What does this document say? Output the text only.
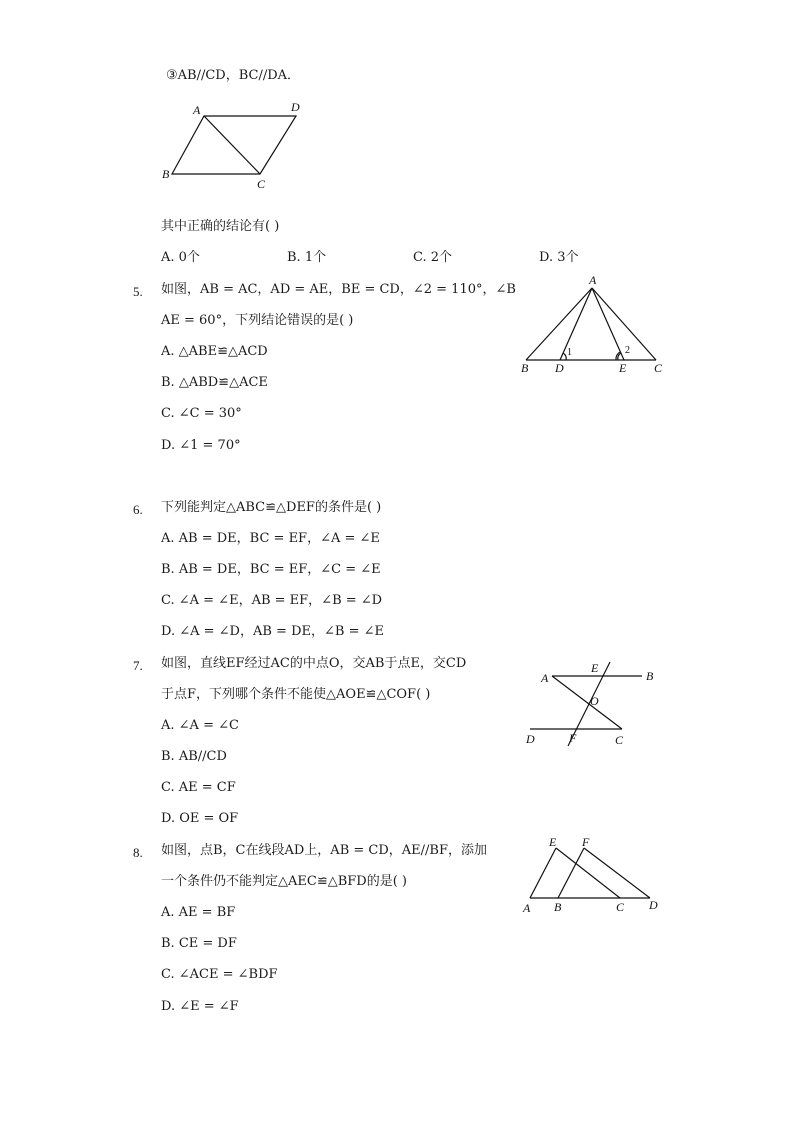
③AB//CD，BC//DA．
A	D
B
C
其中正确的结论有( )
A. 0个	B. 1个	C. 2个	D. 3个
5. 如图，AB = AC，AD = AE，BE = CD，∠2 = 110°，∠B
AE = 60°，下列结论错误的是( )
A. △ABE≌△ACD
B. △ABD≌△ACE
C. ∠C = 30°
D. ∠1 = 70°
A
B D	E C
1	2
6. 下列能判定△ABC≌△DEF的条件是( )
A. AB = DE，BC = EF，∠A = ∠E
B. AB = DE，BC = EF，∠C = ∠E
C. ∠A = ∠E，AB = EF，∠B = ∠D
D. ∠A = ∠D，AB = DE，∠B = ∠E
7. 如图，直线EF经过AC的中点O，交AB于点E，交CD
于点F，下列哪个条件不能使△AOE≌△COF( )
A. ∠A = ∠C
B. AB//CD
C. AE = CF
D. OE = OF
A
E
B
O
D	F	C
8. 如图，点B，C在线段AD上，AB = CD，AE//BF，添加
一个条件仍不能判定△AEC≌△BFD的是( )
A. AE = BF
B. CE = DF
C. ∠ACE = ∠BDF
D. ∠E = ∠F
E F
A B	C D
